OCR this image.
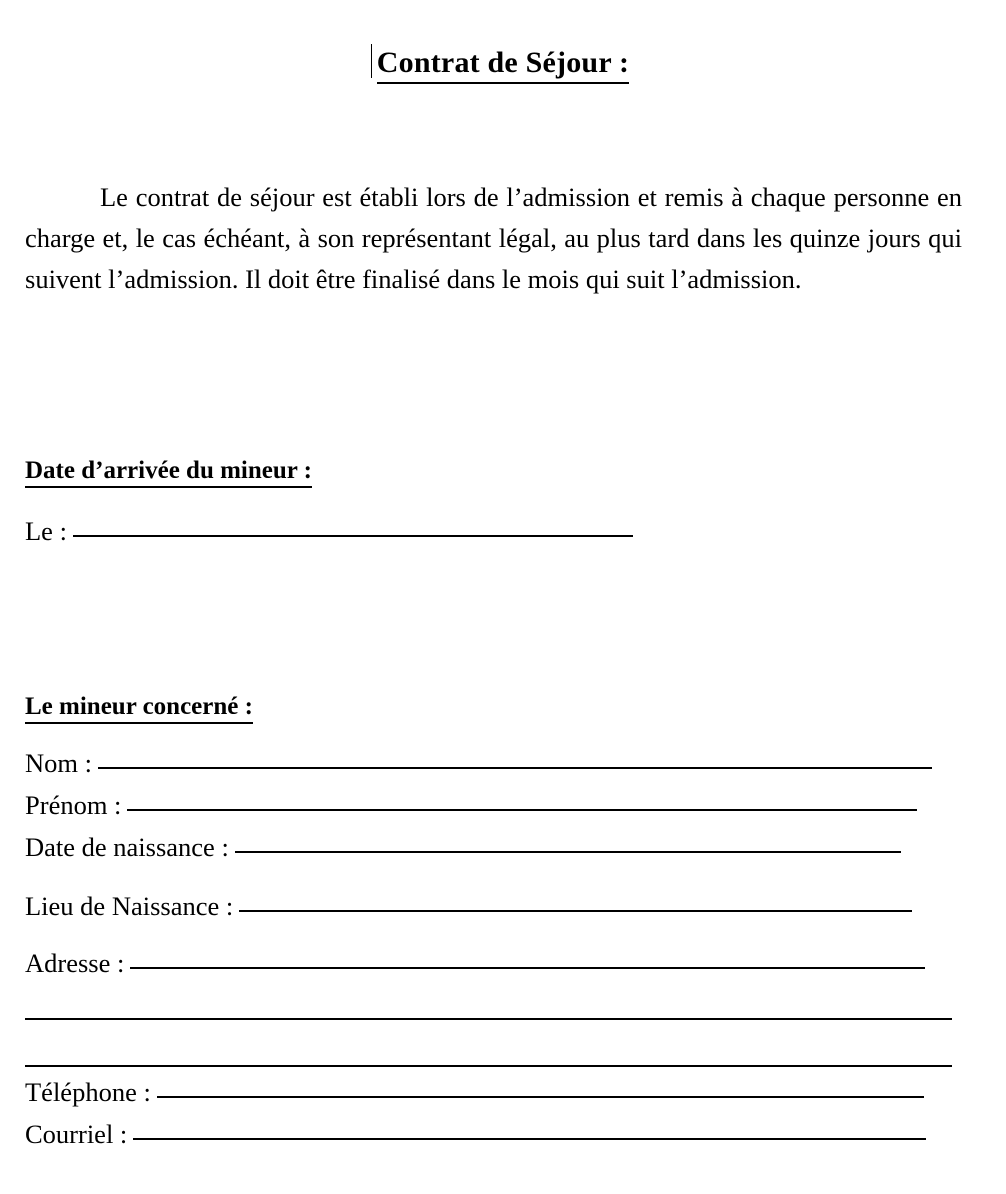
Contrat de Séjour :

Le contrat de séjour est établi lors de l’admission et remis à chaque personne en charge et, le cas échéant, à son représentant légal, au plus tard dans les quinze jours qui suivent l’admission. Il doit être finalisé dans le mois qui suit l’admission.

Date d’arrivée du mineur :
Le :
Le mineur concerné :
Nom :
Prénom :
Date de naissance :
Lieu de Naissance :
Adresse :
Téléphone :
Courriel :
